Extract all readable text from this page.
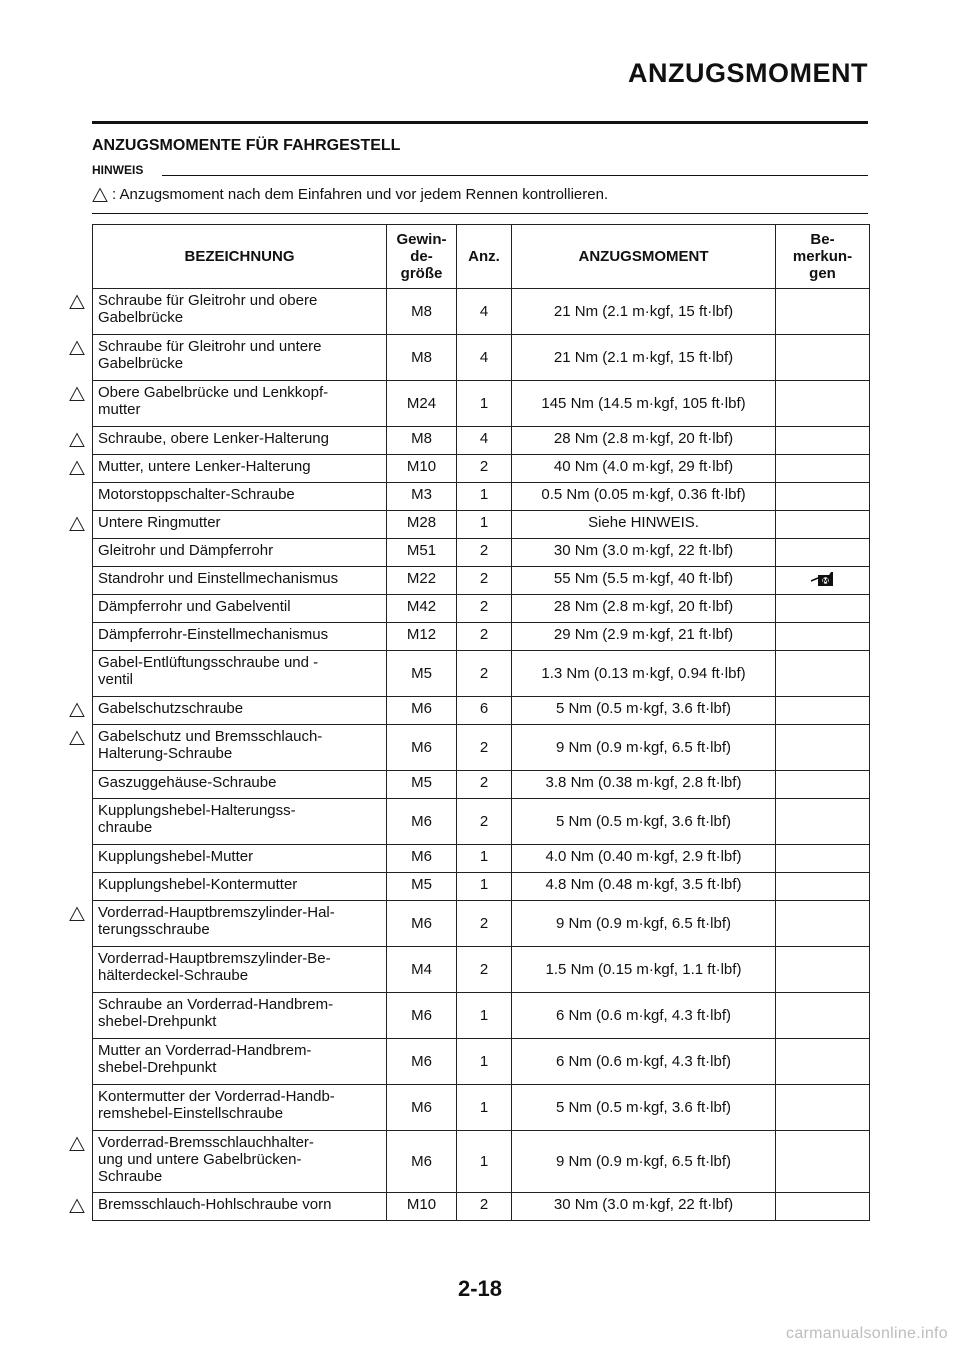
ANZUGSMOMENT
ANZUGSMOMENTE FÜR FAHRGESTELL
HINWEIS
: Anzugsmoment nach dem Einfahren und vor jedem Rennen kontrollieren.
BEZEICHNUNG	Gewin-
de-
größe	Anz.	ANZUGSMOMENT	Be-
merkun-
gen
Schraube für Gleitrohr und obere
Gabelbrücke	M8	4	21 Nm (2.1 m·kgf, 15 ft·lbf)	
Schraube für Gleitrohr und untere
Gabelbrücke	M8	4	21 Nm (2.1 m·kgf, 15 ft·lbf)	
Obere Gabelbrücke und Lenkkopf-
mutter	M24	1	145 Nm (14.5 m·kgf, 105 ft·lbf)	
Schraube, obere Lenker-Halterung	M8	4	28 Nm (2.8 m·kgf, 20 ft·lbf)	
Mutter, untere Lenker-Halterung	M10	2	40 Nm (4.0 m·kgf, 29 ft·lbf)	
Motorstoppschalter-Schraube	M3	1	0.5 Nm (0.05 m·kgf, 0.36 ft·lbf)	
Untere Ringmutter	M28	1	Siehe HINWEIS.	
Gleitrohr und Dämpferrohr	M51	2	30 Nm (3.0 m·kgf, 22 ft·lbf)	
Standrohr und Einstellmechanismus	M22	2	55 Nm (5.5 m·kgf, 40 ft·lbf)	M

Dämpferrohr und Gabelventil	M42	2	28 Nm (2.8 m·kgf, 20 ft·lbf)	
Dämpferrohr-Einstellmechanismus	M12	2	29 Nm (2.9 m·kgf, 21 ft·lbf)	
Gabel-Entlüftungsschraube und -
ventil	M5	2	1.3 Nm (0.13 m·kgf, 0.94 ft·lbf)	
Gabelschutzschraube	M6	6	5 Nm (0.5 m·kgf, 3.6 ft·lbf)	
Gabelschutz und Bremsschlauch-
Halterung-Schraube	M6	2	9 Nm (0.9 m·kgf, 6.5 ft·lbf)	
Gaszuggehäuse-Schraube	M5	2	3.8 Nm (0.38 m·kgf, 2.8 ft·lbf)	
Kupplungshebel-Halterungss-
chraube	M6	2	5 Nm (0.5 m·kgf, 3.6 ft·lbf)	
Kupplungshebel-Mutter	M6	1	4.0 Nm (0.40 m·kgf, 2.9 ft·lbf)	
Kupplungshebel-Kontermutter	M5	1	4.8 Nm (0.48 m·kgf, 3.5 ft·lbf)	
Vorderrad-Hauptbremszylinder-Hal-
terungsschraube	M6	2	9 Nm (0.9 m·kgf, 6.5 ft·lbf)	
Vorderrad-Hauptbremszylinder-Be-
hälterdeckel-Schraube	M4	2	1.5 Nm (0.15 m·kgf, 1.1 ft·lbf)	
Schraube an Vorderrad-Handbrem-
shebel-Drehpunkt	M6	1	6 Nm (0.6 m·kgf, 4.3 ft·lbf)	
Mutter an Vorderrad-Handbrem-
shebel-Drehpunkt	M6	1	6 Nm (0.6 m·kgf, 4.3 ft·lbf)	
Kontermutter der Vorderrad-Handb-
remshebel-Einstellschraube	M6	1	5 Nm (0.5 m·kgf, 3.6 ft·lbf)	
Vorderrad-Bremsschlauchhalter-
ung und untere Gabelbrücken-
Schraube	M6	1	9 Nm (0.9 m·kgf, 6.5 ft·lbf)	
Bremsschlauch-Hohlschraube vorn	M10	2	30 Nm (3.0 m·kgf, 22 ft·lbf)	
2-18
carmanualsonline.info
